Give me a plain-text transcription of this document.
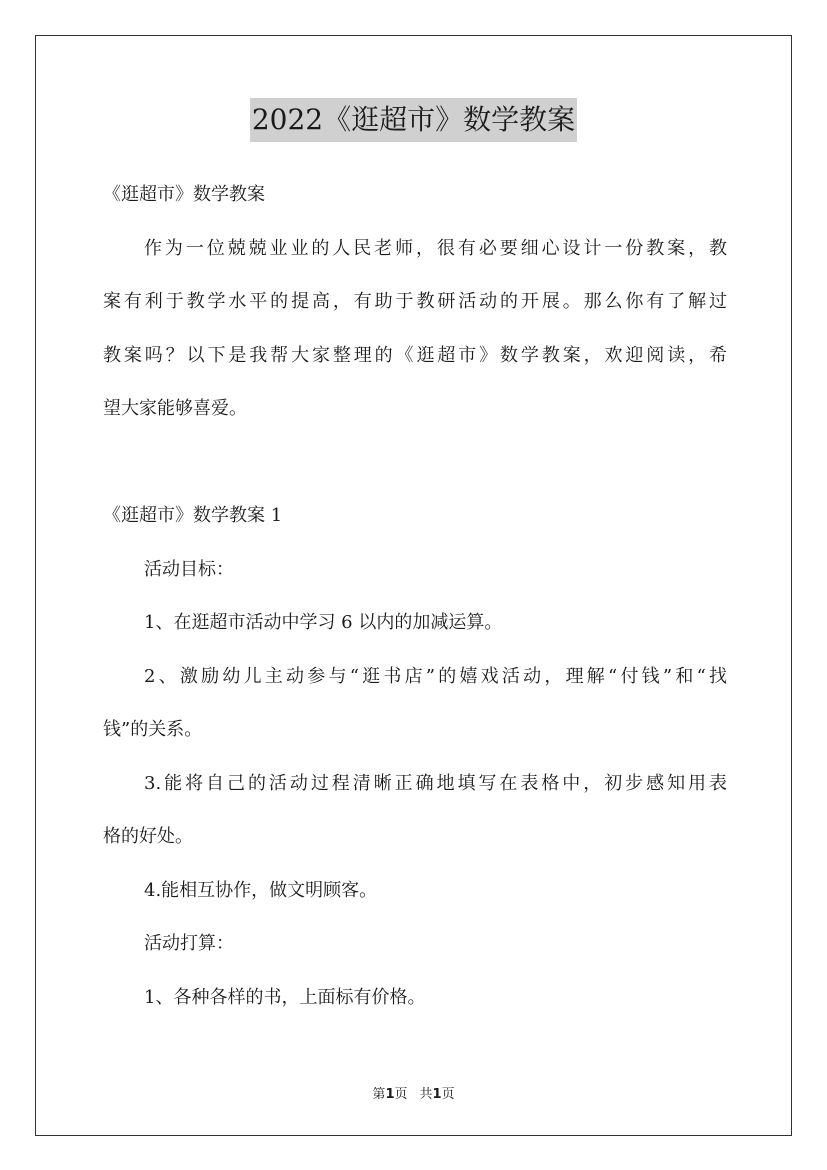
2022《逛超市》数学教案
《逛超市》数学教案
作为一位兢兢业业的人民老师，很有必要细心设计一份教案，教
案有利于教学水平的提高，有助于教研活动的开展。那么你有了解过
教案吗？以下是我帮大家整理的《逛超市》数学教案，欢迎阅读，希
望大家能够喜爱。
《逛超市》数学教案 1
活动目标：
1、在逛超市活动中学习 6 以内的加减运算。
2、激励幼儿主动参与“逛书店”的嬉戏活动，理解“付钱”和“找
钱”的关系。
3.能将自己的活动过程清晰正确地填写在表格中，初步感知用表
格的好处。
4.能相互协作，做文明顾客。
活动打算：
1、各种各样的书，上面标有价格。
第1页 共1页
